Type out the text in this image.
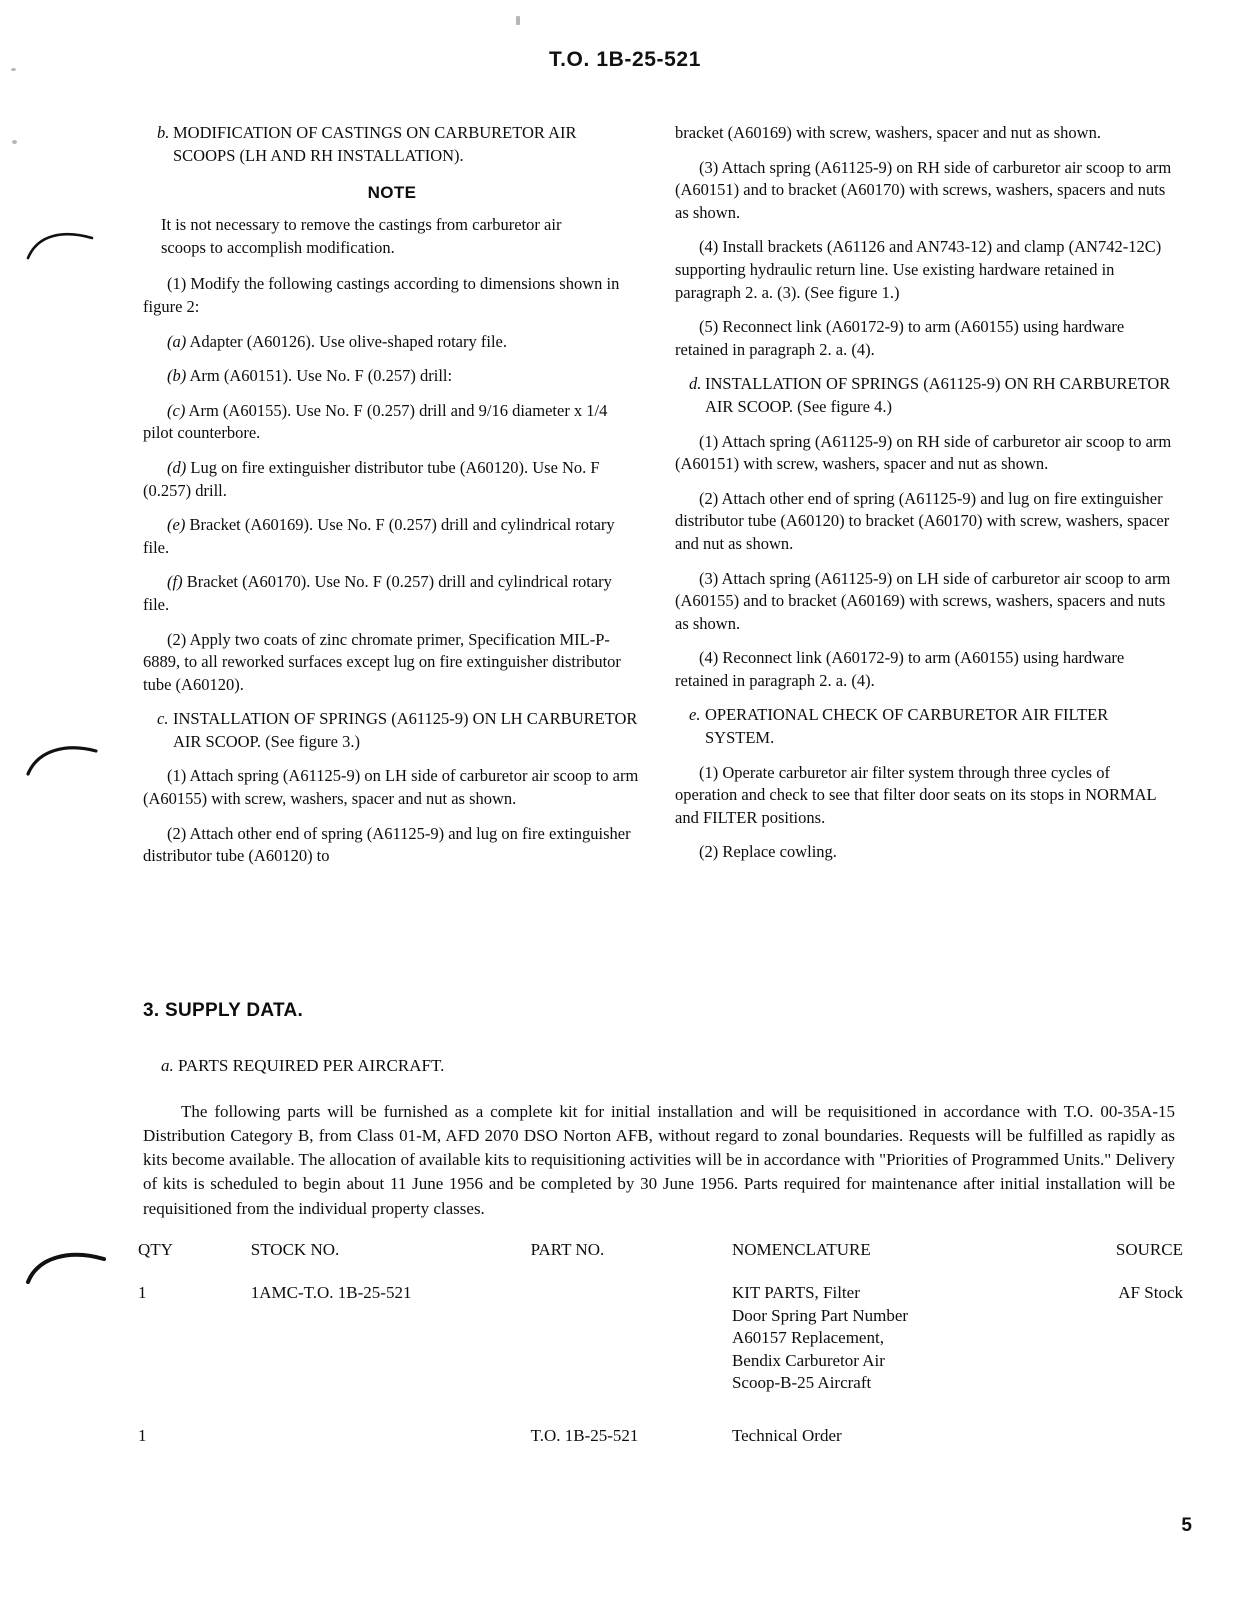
T.O. 1B-25-521
b. MODIFICATION OF CASTINGS ON CARBURETOR AIR SCOOPS (LH AND RH INSTALLATION).
NOTE

It is not necessary to remove the castings from carburetor air scoops to accomplish modification.

(1) Modify the following castings according to dimensions shown in figure 2:

(a) Adapter (A60126). Use olive-shaped rotary file.

(b) Arm (A60151). Use No. F (0.257) drill:

(c) Arm (A60155). Use No. F (0.257) drill and 9/16 diameter x 1/4 pilot counterbore.

(d) Lug on fire extinguisher distributor tube (A60120). Use No. F (0.257) drill.

(e) Bracket (A60169). Use No. F (0.257) drill and cylindrical rotary file.

(f) Bracket (A60170). Use No. F (0.257) drill and cylindrical rotary file.

(2) Apply two coats of zinc chromate primer, Specification MIL-P-6889, to all reworked surfaces except lug on fire extinguisher distributor tube (A60120).

c. INSTALLATION OF SPRINGS (A61125-9) ON LH CARBURETOR AIR SCOOP. (See figure 3.)

(1) Attach spring (A61125-9) on LH side of carburetor air scoop to arm (A60155) with screw, washers, spacer and nut as shown.

(2) Attach other end of spring (A61125-9) and lug on fire extinguisher distributor tube (A60120) to

bracket (A60169) with screw, washers, spacer and nut as shown.

(3) Attach spring (A61125-9) on RH side of carburetor air scoop to arm (A60151) and to bracket (A60170) with screws, washers, spacers and nuts as shown.

(4) Install brackets (A61126 and AN743-12) and clamp (AN742-12C) supporting hydraulic return line. Use existing hardware retained in paragraph 2. a. (3). (See figure 1.)

(5) Reconnect link (A60172-9) to arm (A60155) using hardware retained in paragraph 2. a. (4).

d. INSTALLATION OF SPRINGS (A61125-9) ON RH CARBURETOR AIR SCOOP. (See figure 4.)

(1) Attach spring (A61125-9) on RH side of carburetor air scoop to arm (A60151) with screw, washers, spacer and nut as shown.

(2) Attach other end of spring (A61125-9) and lug on fire extinguisher distributor tube (A60120) to bracket (A60170) with screw, washers, spacer and nut as shown.

(3) Attach spring (A61125-9) on LH side of carburetor air scoop to arm (A60155) and to bracket (A60169) with screws, washers, spacers and nuts as shown.

(4) Reconnect link (A60172-9) to arm (A60155) using hardware retained in paragraph 2. a. (4).

e. OPERATIONAL CHECK OF CARBURETOR AIR FILTER SYSTEM.

(1) Operate carburetor air filter system through three cycles of operation and check to see that filter door seats on its stops in NORMAL and FILTER positions.

(2) Replace cowling.

3. SUPPLY DATA.
a. PARTS REQUIRED PER AIRCRAFT.

The following parts will be furnished as a complete kit for initial installation and will be requisitioned in accordance with T.O. 00-35A-15 Distribution Category B, from Class 01-M, AFD 2070 DSO Norton AFB, without regard to zonal boundaries. Requests will be fulfilled as rapidly as kits become available. The allocation of available kits to requisitioning activities will be in accordance with "Priorities of Programmed Units." Delivery of kits is scheduled to begin about 11 June 1956 and be completed by 30 June 1956. Parts required for maintenance after initial installation will be requisitioned from the individual property classes.

QTY	STOCK NO.	PART NO.	NOMENCLATURE	SOURCE
1	1AMC-T.O. 1B-25-521		KIT PARTS, Filter
Door Spring Part Number
A60157 Replacement,
Bendix Carburetor Air
Scoop-B-25 Aircraft	AF Stock
1		T.O. 1B-25-521	Technical Order	

5
